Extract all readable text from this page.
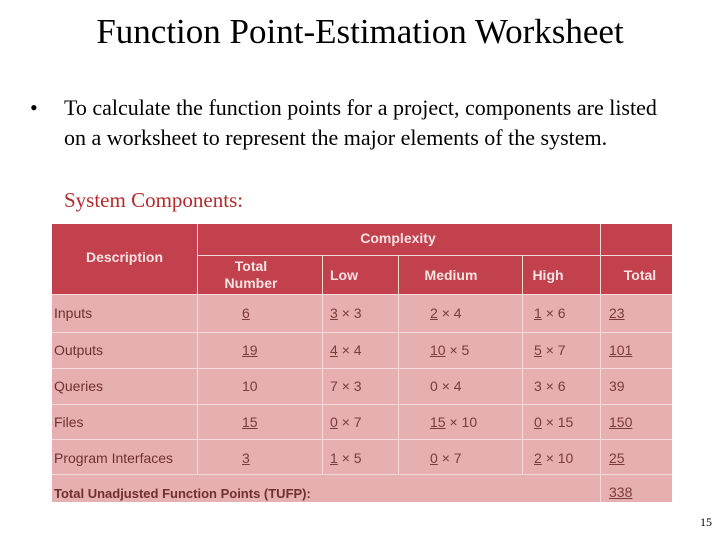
Function Point-Estimation Worksheet
• To calculate the function points for a project, components are listed on a worksheet to represent the major elements of the system.
System Components:
Description
Complexity
Total Number	Low	Medium	High	Total
Inputs	6	3 × 3	2 × 4	1 × 6	23
Outputs	19	4 × 4	10 × 5	5 × 7	101
Queries	10	7 × 3	0 × 4	3 × 6	39
Files	15	0 × 7	15 × 10	0 × 15	150
Program Interfaces	3	1 × 5	0 × 7	2 × 10	25
Total Unadjusted Function Points (TUFP):	338
15
